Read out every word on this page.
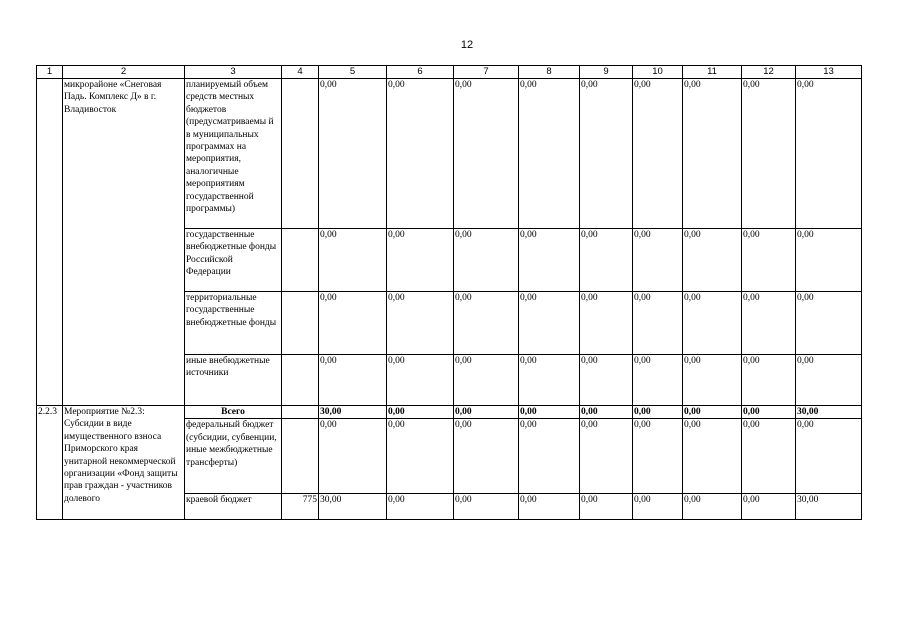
12
1	2	3	4	5	6	7	8	9	10	11	12	13
	микрорайоне «Снеговая Падь. Комплекс Д» в г. Владивосток	планируемый объем средств местных бюджетов (предусматриваемы й в муниципальных программах на мероприятия, аналогичные мероприятиям государственной программы)		0,00	0,00	0,00	0,00	0,00	0,00	0,00	0,00	0,00
		государственные внебюджетные фонды Российской Федерации		0,00	0,00	0,00	0,00	0,00	0,00	0,00	0,00	0,00
		территориальные государственные внебюджетные фонды		0,00	0,00	0,00	0,00	0,00	0,00	0,00	0,00	0,00
		иные внебюджетные источники		0,00	0,00	0,00	0,00	0,00	0,00	0,00	0,00	0,00
2.2.3	Мероприятие №2.3: Субсидии в виде имущественного взноса Приморского края унитарной некоммерческой организации «Фонд защиты прав граждан - участников долевого	Всего		30,00	0,00	0,00	0,00	0,00	0,00	0,00	0,00	30,00
		федеральный бюджет (субсидии, субвенции, иные межбюджетные трансферты)		0,00	0,00	0,00	0,00	0,00	0,00	0,00	0,00	0,00
		краевой бюджет	775	30,00	0,00	0,00	0,00	0,00	0,00	0,00	0,00	30,00
